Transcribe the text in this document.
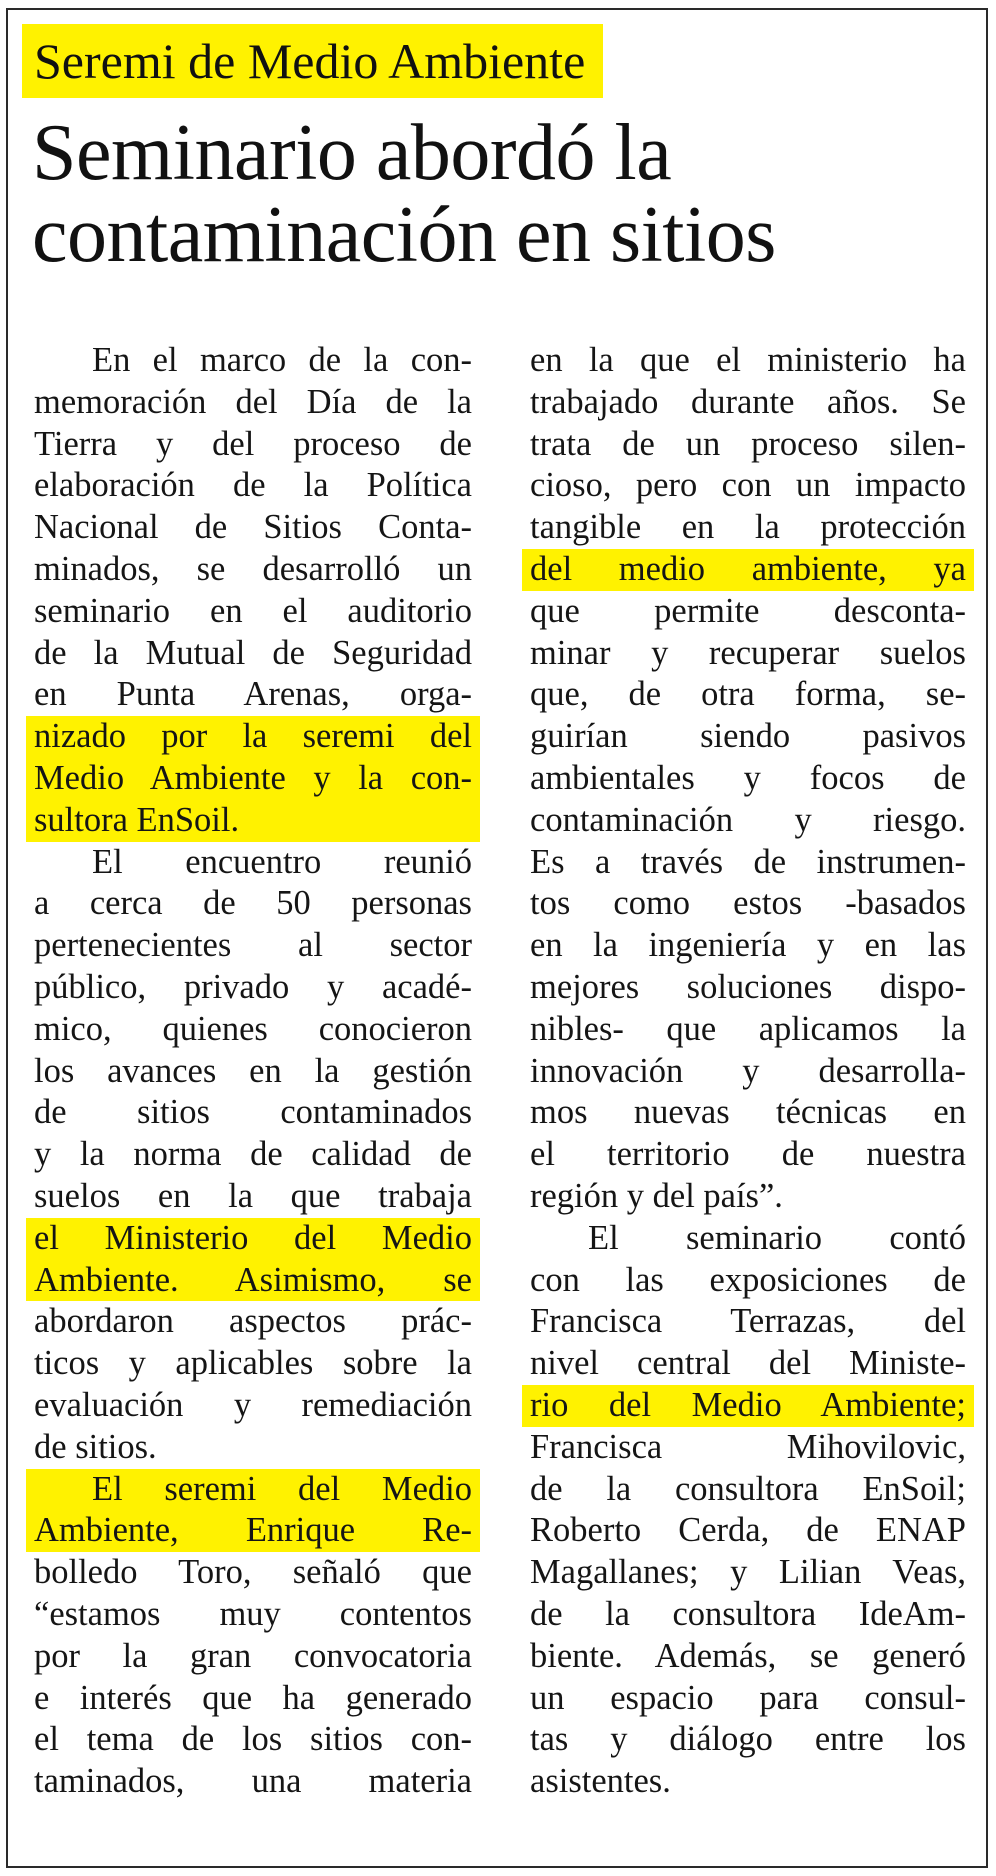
Seremi de Medio Ambiente
Seminario abordó la
contaminación en sitios
En el marco de la con-
memoración del Día de la
Tierra y del proceso de
elaboración de la Política
Nacional de Sitios Conta-
minados, se desarrolló un
seminario en el auditorio
de la Mutual de Seguridad
en Punta Arenas, orga-
nizado por la seremi del
Medio Ambiente y la con-
sultora EnSoil.
El encuentro reunió
a cerca de 50 personas
pertenecientes al sector
público, privado y acadé-
mico, quienes conocieron
los avances en la gestión
de sitios contaminados
y la norma de calidad de
suelos en la que trabaja
el Ministerio del Medio
Ambiente. Asimismo, se
abordaron aspectos prác-
ticos y aplicables sobre la
evaluación y remediación
de sitios.
El seremi del Medio
Ambiente, Enrique Re-
bolledo Toro, señaló que
“estamos muy contentos
por la gran convocatoria
e interés que ha generado
el tema de los sitios con-
taminados, una materia
en la que el ministerio ha
trabajado durante años. Se
trata de un proceso silen-
cioso, pero con un impacto
tangible en la protección
del medio ambiente, ya
que permite desconta-
minar y recuperar suelos
que, de otra forma, se-
guirían siendo pasivos
ambientales y focos de
contaminación y riesgo.
Es a través de instrumen-
tos como estos -basados
en la ingeniería y en las
mejores soluciones dispo-
nibles- que aplicamos la
innovación y desarrolla-
mos nuevas técnicas en
el territorio de nuestra
región y del país”.
El seminario contó
con las exposiciones de
Francisca Terrazas, del
nivel central del Ministe-
rio del Medio Ambiente;
Francisca Mihovilovic,
de la consultora EnSoil;
Roberto Cerda, de ENAP
Magallanes; y Lilian Veas,
de la consultora IdeAm-
biente. Además, se generó
un espacio para consul-
tas y diálogo entre los
asistentes.
